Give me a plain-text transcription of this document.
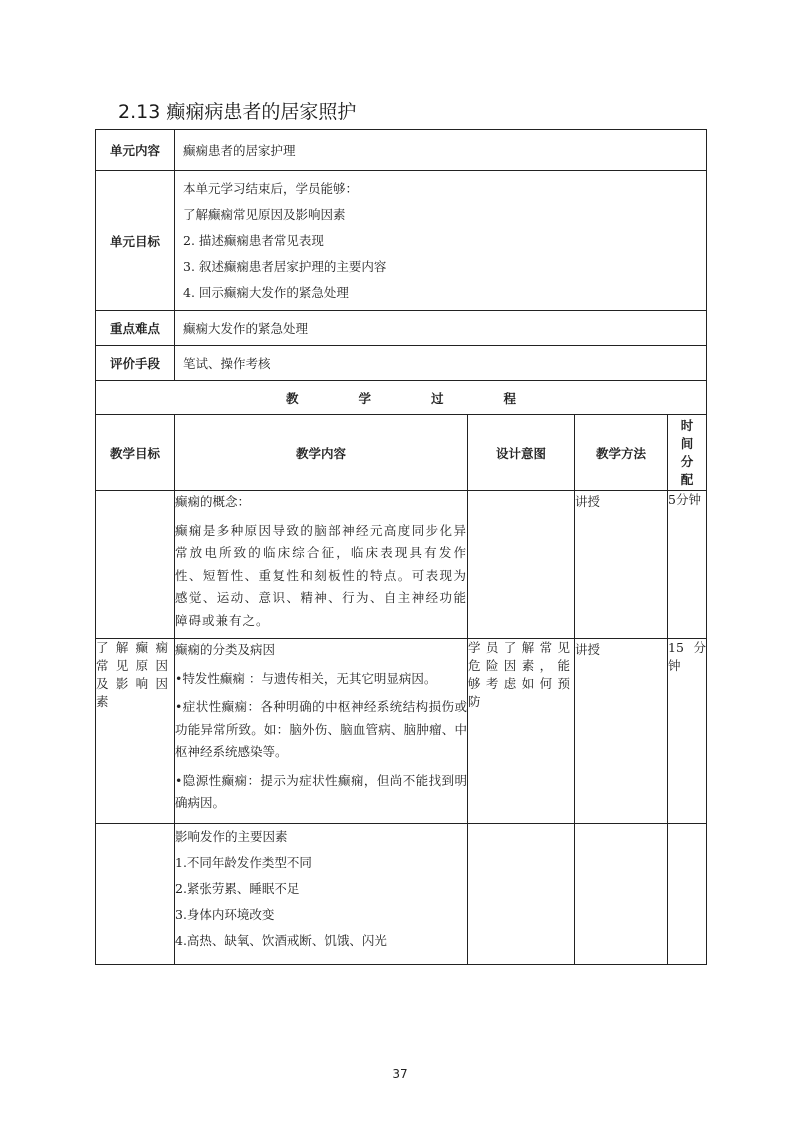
2.13 癫痫病患者的居家照护
单元内容	癫痫患者的居家护理			
单元目标	本单元学习结束后，学员能够：
了解癫痫常见原因及影响因素
2. 描述癫痫患者常见表现
3. 叙述癫痫患者居家护理的主要内容
4. 回示癫痫大发作的紧急处理			

重点难点	癫痫大发作的紧急处理			
评价手段	笔试、操作考核			
教 学 过 程				
教学目标	教学内容	设计意图	教学方法	时
间
分
配

	癫痫的概念：

癫痫是多种原因导致的脑部神经元高度同步化异常放电所致的临床综合征，临床表现具有发作性、短暂性、重复性和刻板性的特点。可表现为感觉、运动、意识、精神、行为、自主神经功能障碍或兼有之。		讲授	5分钟
了解癫痫常见原因及影响因素	癫痫的分类及病因

•特发性癫痫 ：与遗传相关，无其它明显病因。

•症状性癫痫：各种明确的中枢神经系统结构损伤或功能异常所致。如：脑外伤、脑血管病、脑肿瘤、中枢神经系统感染等。

•隐源性癫痫：提示为症状性癫痫，但尚不能找到明确病因。	学员了解常见危险因素，能够考虑如何预防	讲授	15分钟

	影响发作的主要因素
1.不同年龄发作类型不同
2.紧张劳累、睡眠不足
3.身体内环境改变
4.高热、缺氧、饮酒戒断、饥饿、闪光			

37
